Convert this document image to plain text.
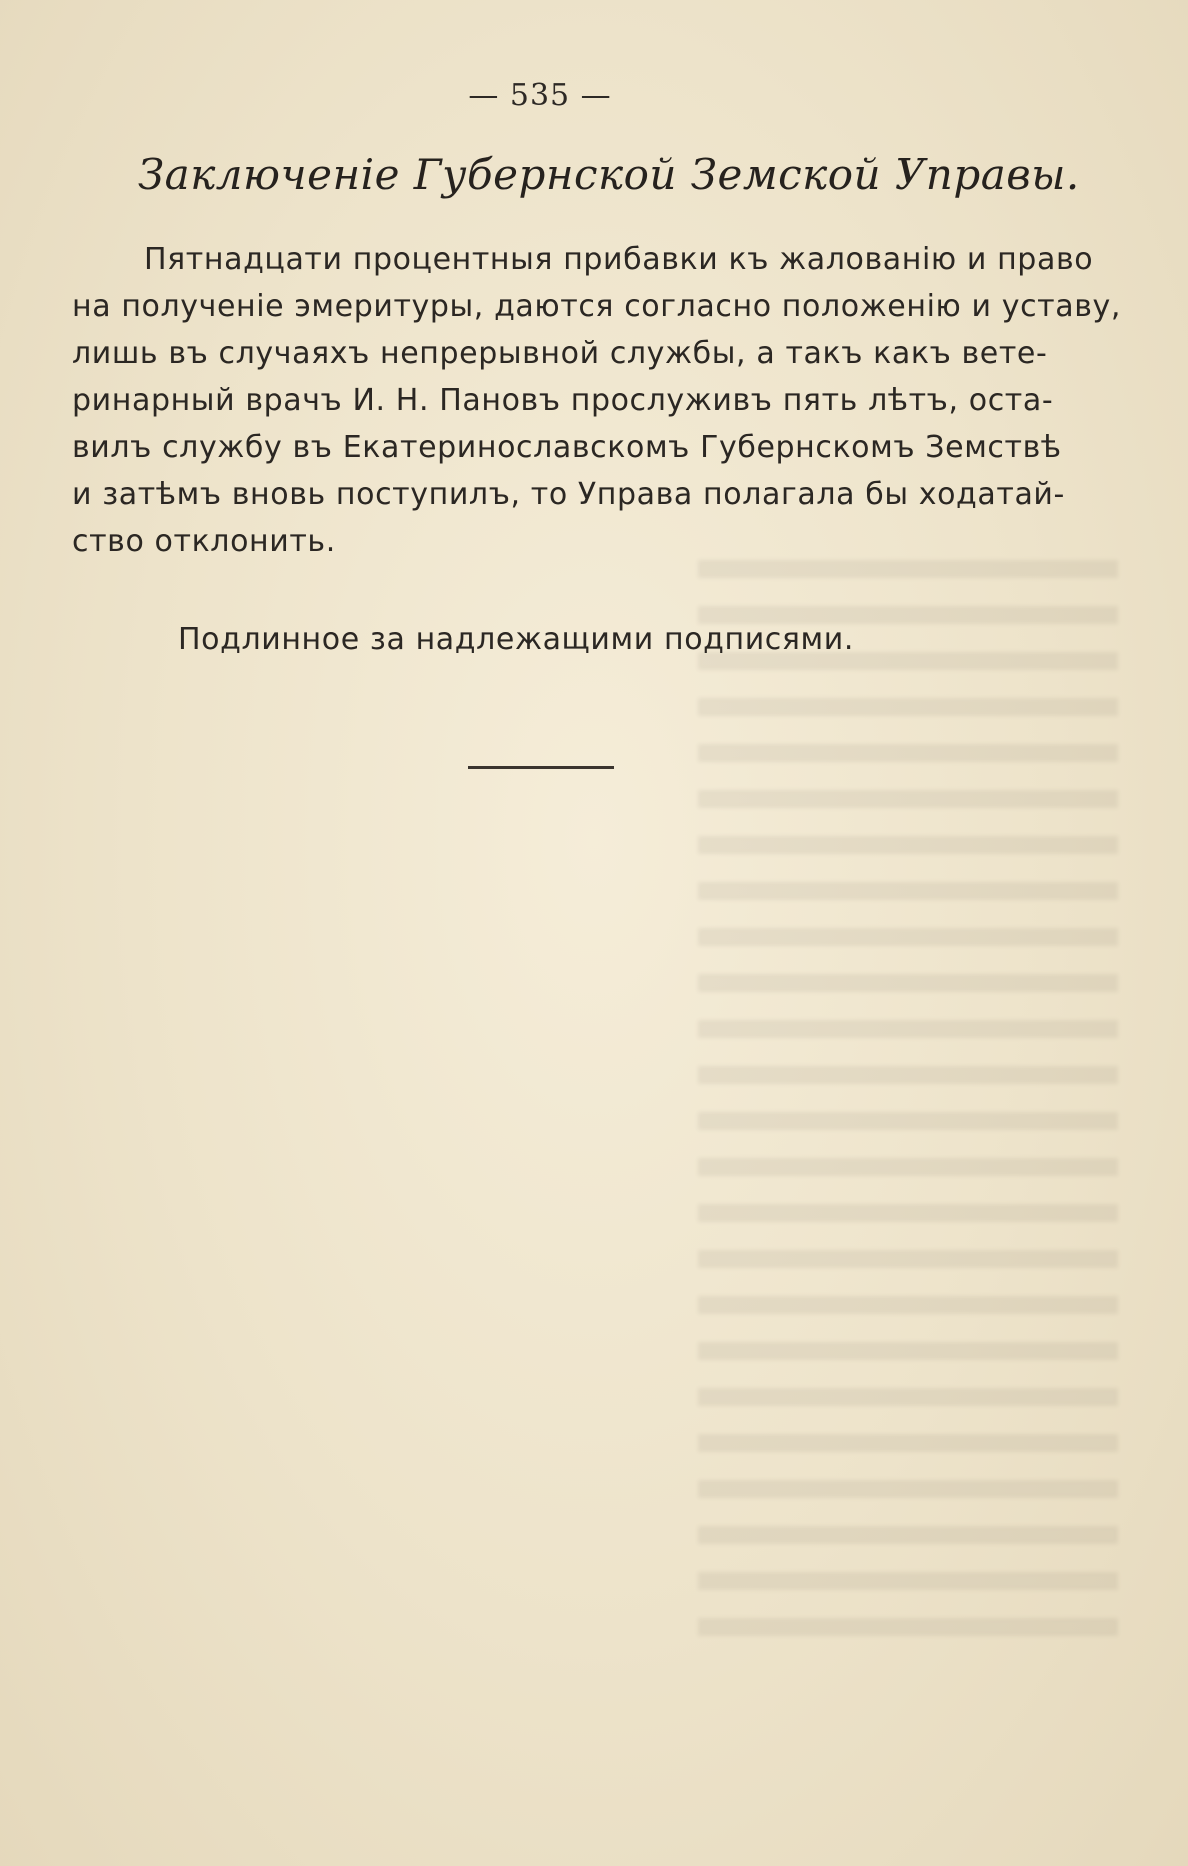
— 535 —
Заключеніе Губернской Земской Управы.
Пятнадцати процентныя прибавки къ жалованію и право
на полученіе эмеритуры, даются согласно положенію и уставу,
лишь въ случаяхъ непрерывной службы, а такъ какъ вете-
ринарный врачъ И. Н. Пановъ прослуживъ пять лѣтъ, оста-
вилъ службу въ Екатеринославскомъ Губернскомъ Земствѣ
и затѣмъ вновь поступилъ, то Управа полагала бы ходатай-
ство отклонить.
Подлинное за надлежащими подписями.
